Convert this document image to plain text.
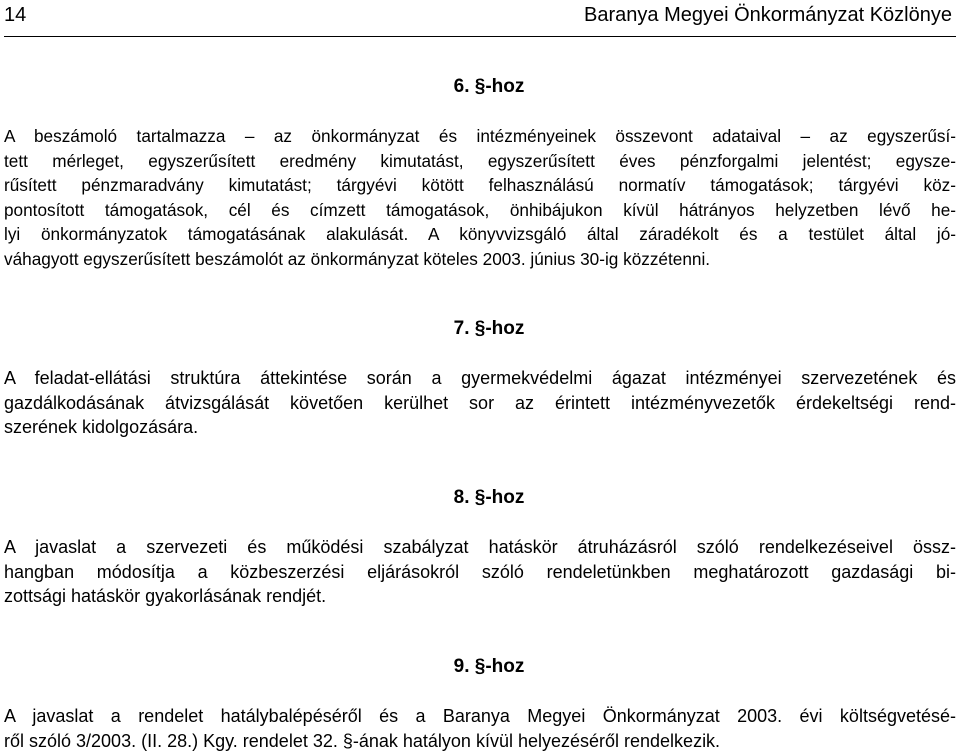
14	Baranya Megyei Önkormányzat Közlönye
6. §-hoz

A beszámoló tartalmazza – az önkormányzat és intézményeinek összevont adataival – az egyszerűsí-
tett mérleget, egyszerűsített eredmény kimutatást, egyszerűsített éves pénzforgalmi jelentést; egysze-
rűsített pénzmaradvány kimutatást; tárgyévi kötött felhasználású normatív támogatások; tárgyévi köz-
pontosított támogatások, cél és címzett támogatások, önhibájukon kívül hátrányos helyzetben lévő he-
lyi önkormányzatok támogatásának alakulását. A könyvvizsgáló által záradékolt és a testület által jó-
váhagyott egyszerűsített beszámolót az önkormányzat köteles 2003. június 30-ig közzétenni.

7. §-hoz

A feladat-ellátási struktúra áttekintése során a gyermekvédelmi ágazat intézményei szervezetének és
gazdálkodásának átvizsgálását követően kerülhet sor az érintett intézményvezetők érdekeltségi rend-
szerének kidolgozására.

8. §-hoz

A javaslat a szervezeti és működési szabályzat hatáskör átruházásról szóló rendelkezéseivel össz-
hangban módosítja a közbeszerzési eljárásokról szóló rendeletünkben meghatározott gazdasági bi-
zottsági hatáskör gyakorlásának rendjét.

9. §-hoz

A javaslat a rendelet hatálybalépéséről és a Baranya Megyei Önkormányzat 2003. évi költségvetésé-
ről szóló 3/2003. (II. 28.) Kgy. rendelet 32. §-ának hatályon kívül helyezéséről rendelkezik.
